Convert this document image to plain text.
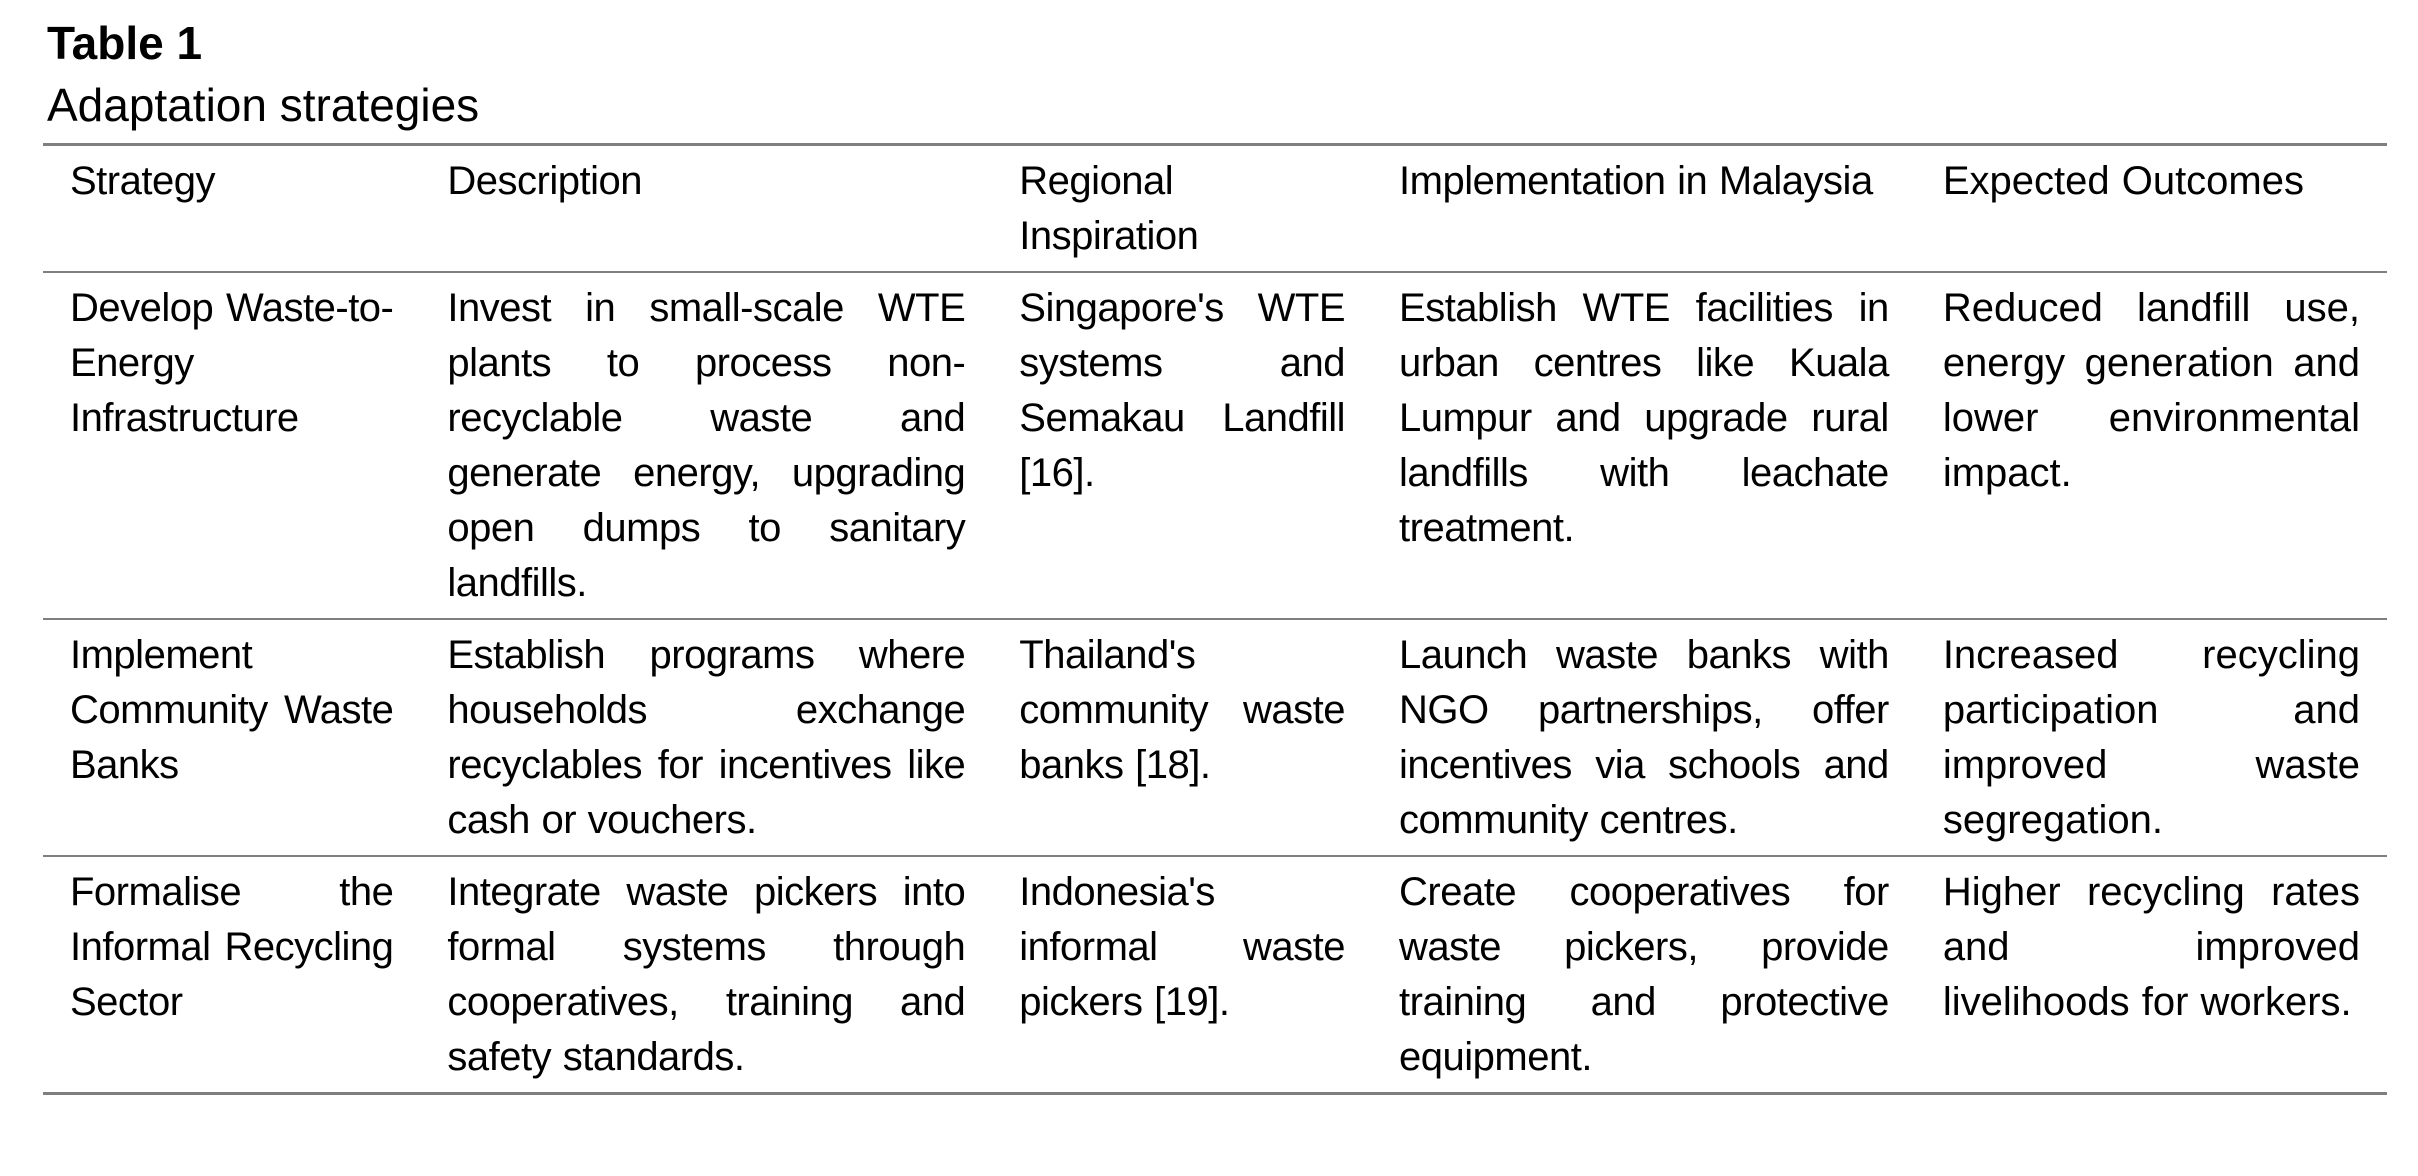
Table 1
Adaptation strategies
Strategy	Description	Regional Inspiration	Implementation in Malaysia	Expected Outcomes
Develop Waste-to-Energy Infrastructure	Invest in small-scale WTE plants to process non-recyclable waste and generate energy, upgrading open dumps to sanitary landfills.	Singapore's WTE systems and Semakau Landfill [16].	Establish WTE facilities in urban centres like Kuala Lumpur and upgrade rural landfills with leachate treatment.	Reduced landfill use, energy generation and lower environmental impact.
Implement Community Waste Banks	Establish programs where households exchange recyclables for incentives like cash or vouchers.	Thailand's community waste banks [18].	Launch waste banks with NGO partnerships, offer incentives via schools and community centres.	Increased recycling participation and improved waste segregation.
Formalise the Informal Recycling Sector	Integrate waste pickers into formal systems through cooperatives, training and safety standards.	Indonesia's informal waste pickers [19].	Create cooperatives for waste pickers, provide training and protective equipment.	Higher recycling rates and improved livelihoods for workers.
